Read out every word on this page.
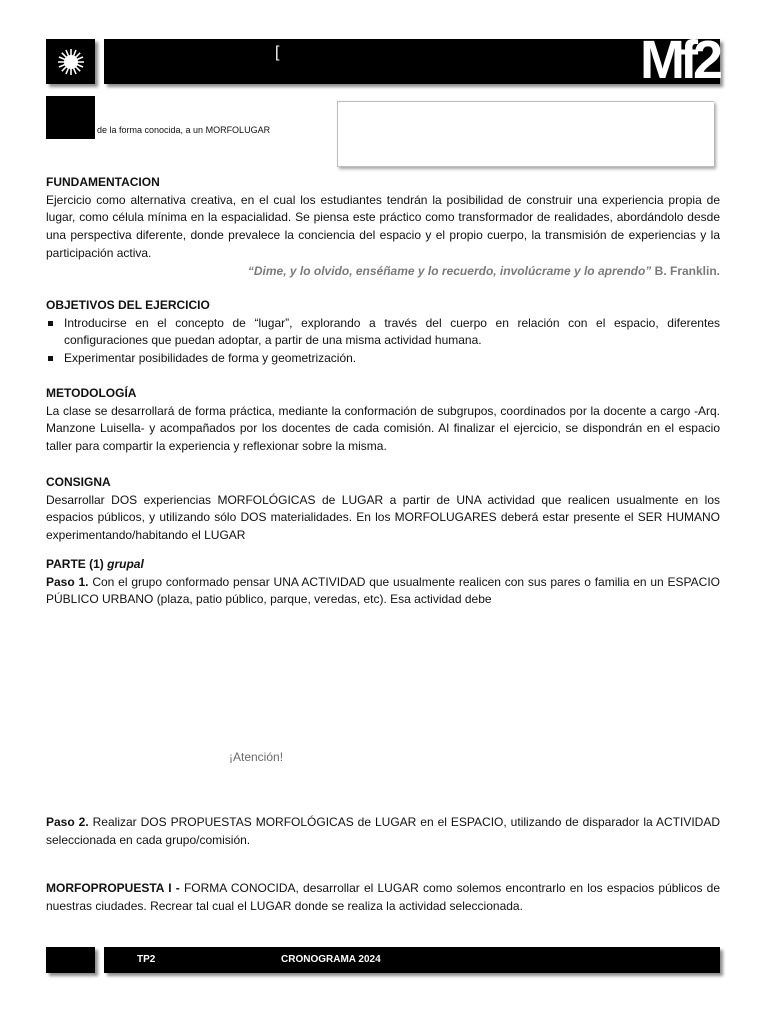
Mf2
[
de la forma conocida, a un MORFOLUGAR

FUNDAMENTACION

Ejercicio como alternativa creativa, en el cual los estudiantes tendrán la posibilidad de construir una experiencia propia de lugar, como célula mínima en la espacialidad. Se piensa este práctico como transformador de realidades, abordándolo desde una perspectiva diferente, donde prevalece la conciencia del espacio y el propio cuerpo, la transmisión de experiencias y la participación activa.

“Dime, y lo olvido, enséñame y lo recuerdo, involúcrame y lo aprendo” B. Franklin.

OBJETIVOS DEL EJERCICIO

Introducirse en el concepto de “lugar”, explorando a través del cuerpo en relación con el espacio, diferentes configuraciones que puedan adoptar, a partir de una misma actividad humana.
Experimentar posibilidades de forma y geometrización.

METODOLOGÍA

La clase se desarrollará de forma práctica, mediante la conformación de subgrupos, coordinados por la docente a cargo -Arq. Manzone Luisella- y acompañados por los docentes de cada comisión. Al finalizar el ejercicio, se dispondrán en el espacio taller para compartir la experiencia y reflexionar sobre la misma.

CONSIGNA

Desarrollar DOS experiencias MORFOLÓGICAS de LUGAR a partir de UNA actividad que realicen usualmente en los espacios públicos, y utilizando sólo DOS materialidades. En los MORFOLUGARES deberá estar presente el SER HUMANO experimentando/habitando el LUGAR

PARTE (1) grupal

Paso 1. Con el grupo conformado pensar UNA ACTIVIDAD que usualmente realicen con sus pares o familia en un ESPACIO PÚBLICO URBANO (plaza, patio público, parque, veredas, etc). Esa actividad debe

¡Atención!

Paso 2. Realizar DOS PROPUESTAS MORFOLÓGICAS de LUGAR en el ESPACIO, utilizando de disparador la ACTIVIDAD seleccionada en cada grupo/comisión.

MORFOPROPUESTA I - FORMA CONOCIDA, desarrollar el LUGAR como solemos encontrarlo en los espacios públicos de nuestras ciudades. Recrear tal cual el LUGAR donde se realiza la actividad seleccionada.

TP2	CRONOGRAMA 2024
